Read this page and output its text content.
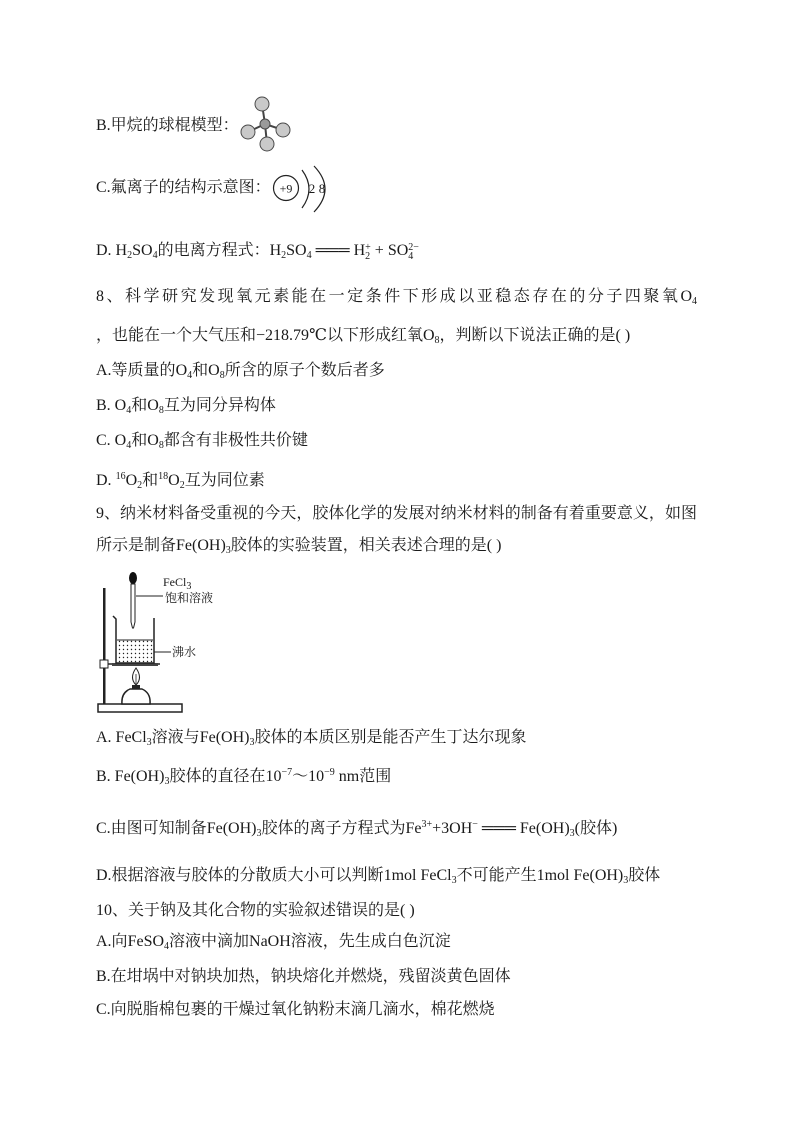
B.甲烷的球棍模型：
C.氟离子的结构示意图： +9 2 8
D. $H_2SO_4$的电离方程式：$H_2SO_4$ ═══ H +
2 + SO 2−
4
8、科学研究发现氧元素能在一定条件下形成以亚稳态存在的分子四聚氧$O_4$
，也能在一个大气压和−218.79℃以下形成红氧$O_8$，判断以下说法正确的是( )
A.等质量的$O_4$和$O_8$所含的原子个数后者多
B. $O_4$和$O_8$互为同分异构体
C. $O_4$和$O_8$都含有非极性共价键
D. $^{16}O_2$和$^{18}O_2$互为同位素
9、纳米材料备受重视的今天，胶体化学的发展对纳米材料的制备有着重要意义，如图
所示是制备$Fe(OH)_3$胶体的实验装置，相关表述合理的是( )
FeCl$_3$
饱和溶液
沸水
A. FeCl$_3$溶液与$Fe(OH)_3$胶体的本质区别是能否产生丁达尔现象
B. $Fe(OH)_3$胶体的直径在$10^{-7}\sim 10^{-9}$ nm范围
C.由图可知制备$Fe(OH)_3$胶体的离子方程式为$Fe^{3+}+3OH^-$ ═══ $Fe(OH)_3$(胶体)
D.根据溶液与胶体的分散质大小可以判断1mol FeCl$_3$不可能产生1mol $Fe(OH)_3$胶体
10、关于钠及其化合物的实验叙述错误的是( )
A.向FeSO$_4$溶液中滴加NaOH溶液，先生成白色沉淀
B.在坩埚中对钠块加热，钠块熔化并燃烧，残留淡黄色固体
C.向脱脂棉包裹的干燥过氧化钠粉末滴几滴水，棉花燃烧
